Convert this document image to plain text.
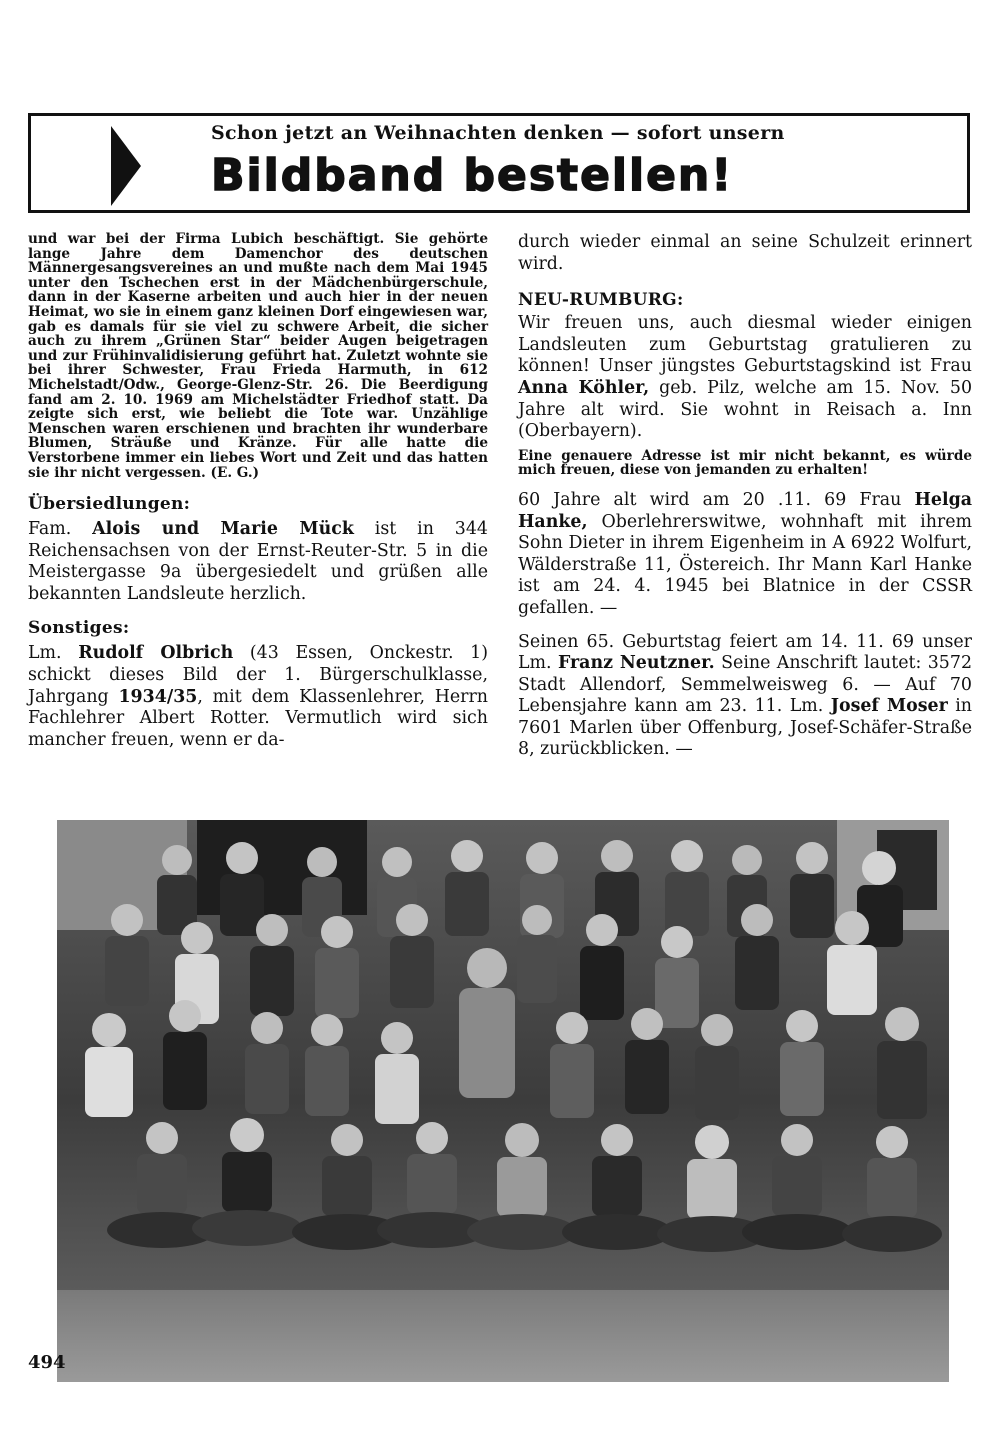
Schon jetzt an Weihnachten denken — sofort unsern
Bildband bestellen!

und war bei der Firma Lubich beschäftigt. Sie gehörte lange Jahre dem Damenchor des deutschen Männergesangsvereines an und mußte nach dem Mai 1945 unter den Tschechen erst in der Mädchenbürgerschule, dann in der Kaserne arbeiten und auch hier in der neuen Heimat, wo sie in einem ganz kleinen Dorf eingewiesen war, gab es damals für sie viel zu schwere Arbeit, die sicher auch zu ihrem „Grünen Star“ beider Augen beigetragen und zur Frühinvalidisierung geführt hat. Zuletzt wohnte sie bei ihrer Schwester, Frau Frieda Harmuth, in 612 Michelstadt/Odw., George-Glenz-Str. 26. Die Beerdigung fand am 2. 10. 1969 am Michelstädter Friedhof statt. Da zeigte sich erst, wie beliebt die Tote war. Unzählige Menschen waren erschienen und brachten ihr wunderbare Blumen, Sträuße und Kränze. Für alle hatte die Verstorbene immer ein liebes Wort und Zeit und das hatten sie ihr nicht vergessen. (E. G.)

Übersiedlungen:

Fam. Alois und Marie Mück ist in 344 Reichensachsen von der Ernst-Reuter-Str. 5 in die Meistergasse 9a übergesiedelt und grüßen alle bekannten Landsleute herzlich.

Sonstiges:

Lm. Rudolf Olbrich (43 Essen, Onckestr. 1) schickt dieses Bild der 1. Bürgerschulklasse, Jahrgang 1934/35, mit dem Klassenlehrer, Herrn Fachlehrer Albert Rotter. Vermutlich wird sich mancher freuen, wenn er da-

durch wieder einmal an seine Schulzeit erinnert wird.

NEU-RUMBURG:

Wir freuen uns, auch diesmal wieder einigen Landsleuten zum Geburtstag gratulieren zu können! Unser jüngstes Geburtstagskind ist Frau Anna Köhler, geb. Pilz, welche am 15. Nov. 50 Jahre alt wird. Sie wohnt in Reisach a. Inn (Oberbayern).

Eine genauere Adresse ist mir nicht bekannt, es würde mich freuen, diese von jemanden zu erhalten!

60 Jahre alt wird am 20 .11. 69 Frau Helga Hanke, Oberlehrerswitwe, wohnhaft mit ihrem Sohn Dieter in ihrem Eigenheim in A 6922 Wolfurt, Wälderstraße 11, Östereich. Ihr Mann Karl Hanke ist am 24. 4. 1945 bei Blatnice in der CSSR gefallen. —

Seinen 65. Geburtstag feiert am 14. 11. 69 unser Lm. Franz Neutzner. Seine Anschrift lautet: 3572 Stadt Allendorf, Semmelweisweg 6. — Auf 70 Lebensjahre kann am 23. 11. Lm. Josef Moser in 7601 Marlen über Offenburg, Josef-Schäfer-Straße 8, zurückblicken. —

494
